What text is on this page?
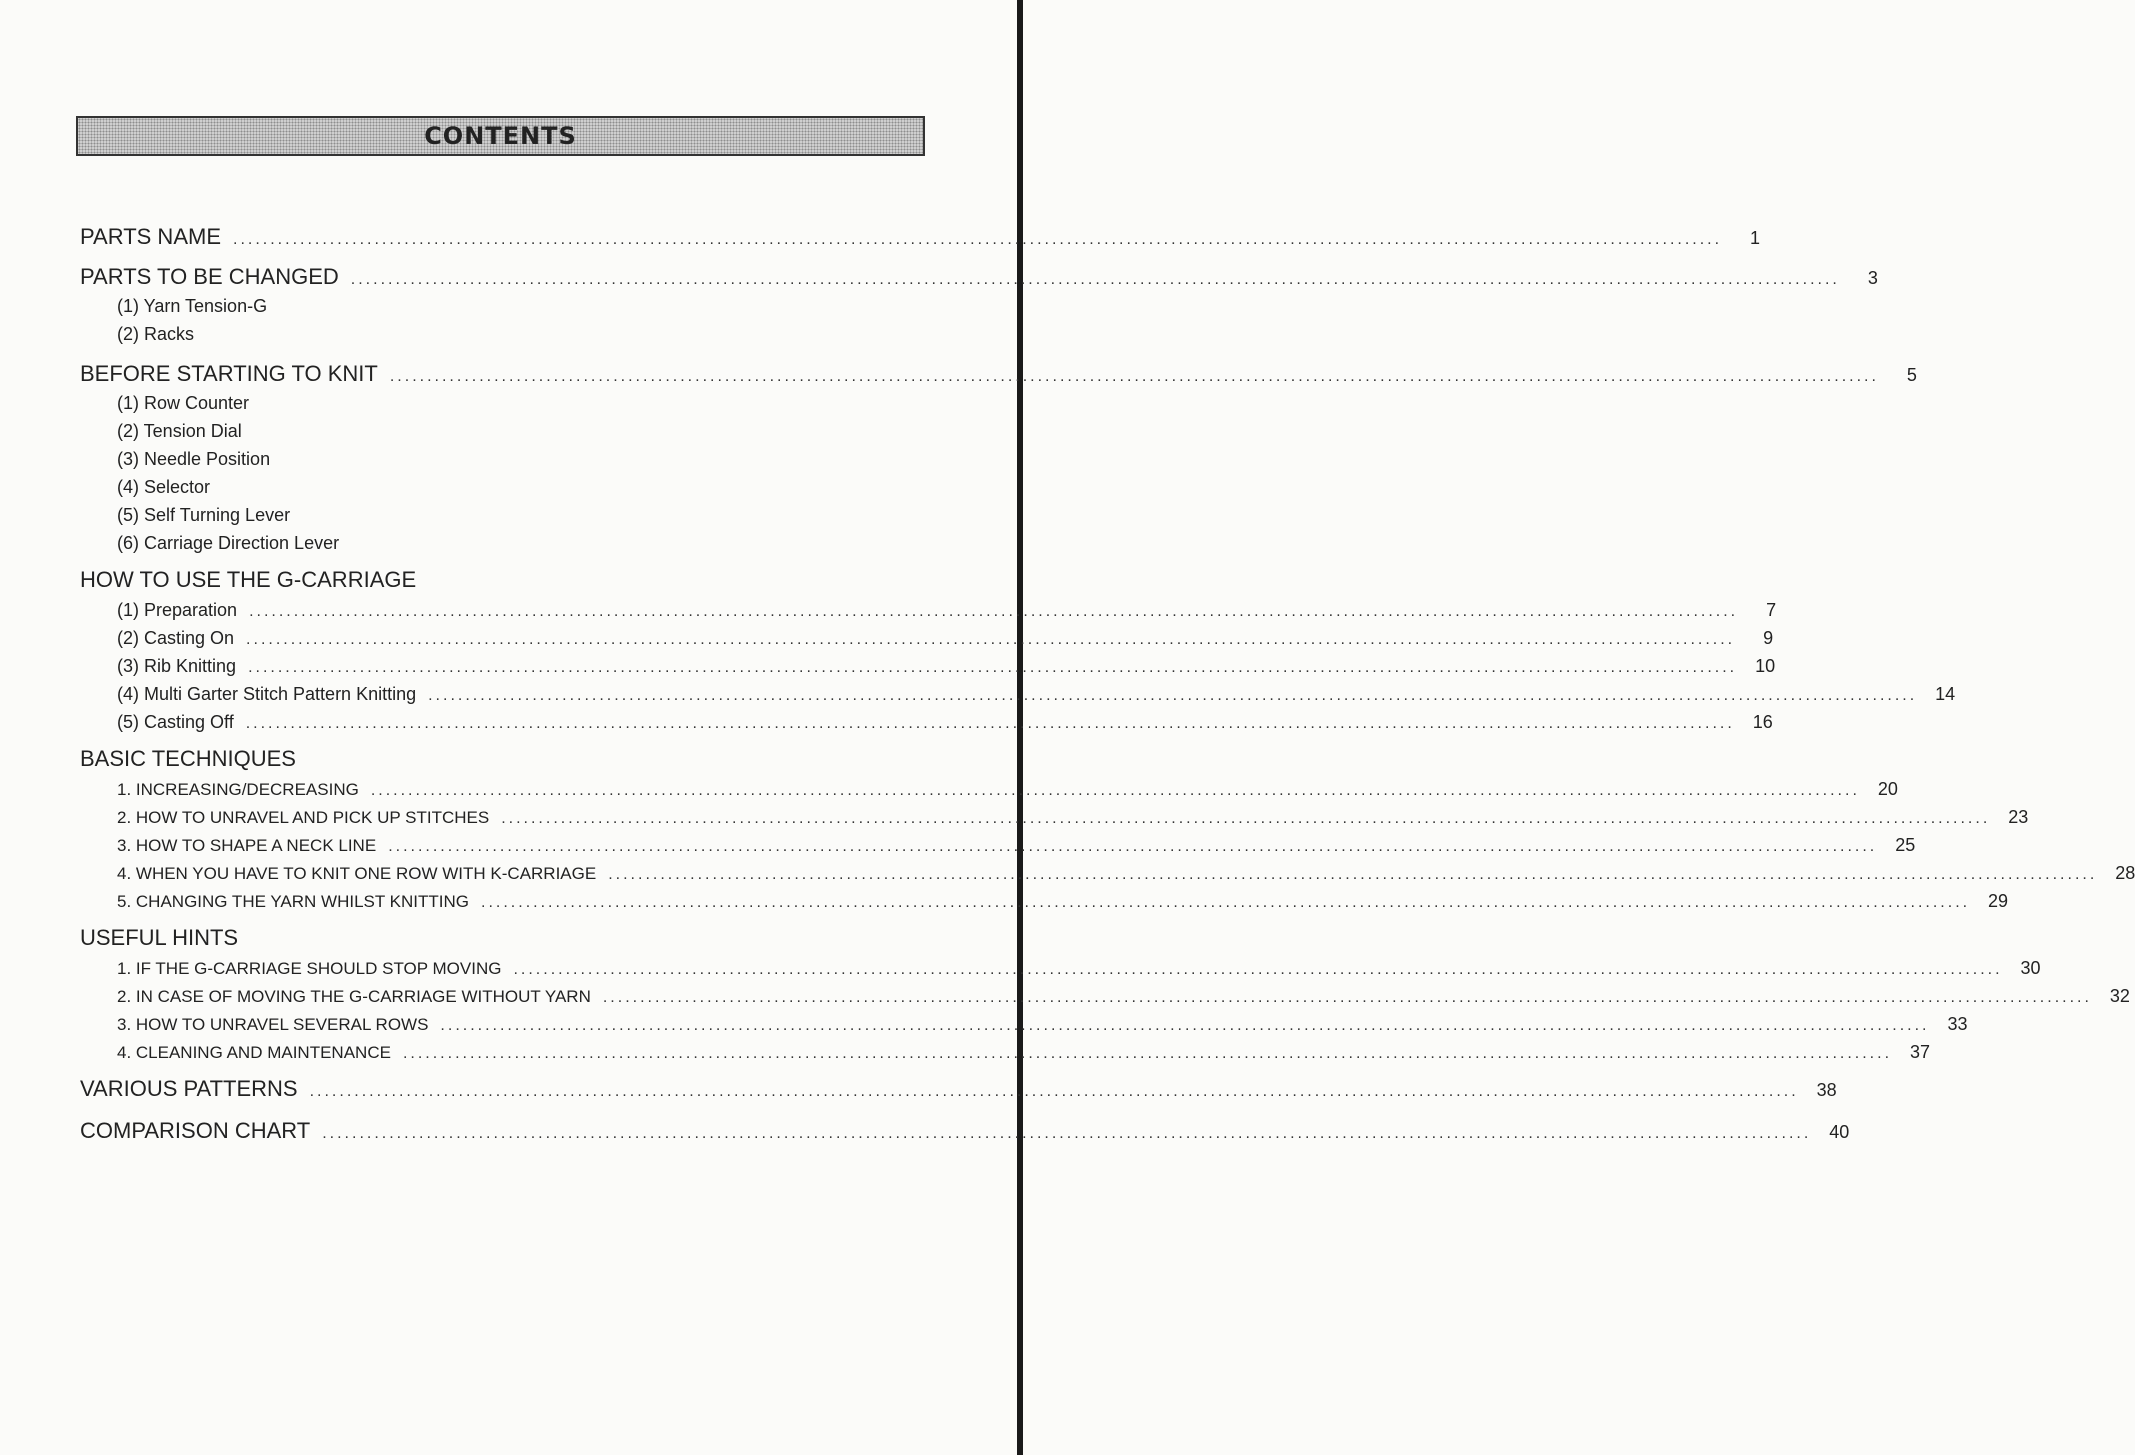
CONTENTS
PARTS NAME ........................................................................................................................................................................................................	1
PARTS TO BE CHANGED ........................................................................................................................................................................................................	3
(1) Yarn Tension-G
(2) Racks
BEFORE STARTING TO KNIT ........................................................................................................................................................................................................	5
(1) Row Counter
(2) Tension Dial
(3) Needle Position
(4) Selector
(5) Self Turning Lever
(6) Carriage Direction Lever
HOW TO USE THE G-CARRIAGE
(1) Preparation ........................................................................................................................................................................................................	7
(2) Casting On ........................................................................................................................................................................................................	9
(3) Rib Knitting ........................................................................................................................................................................................................ 10
(4) Multi Garter Stitch Pattern Knitting ........................................................................................................................................................................................................ 14
(5) Casting Off ........................................................................................................................................................................................................ 16
BASIC TECHNIQUES
1. INCREASING/DECREASING ........................................................................................................................................................................................................ 20
2. HOW TO UNRAVEL AND PICK UP STITCHES ........................................................................................................................................................................................................ 23
3. HOW TO SHAPE A NECK LINE ........................................................................................................................................................................................................ 25
4. WHEN YOU HAVE TO KNIT ONE ROW WITH K-CARRIAGE ........................................................................................................................................................................................................ 28
5. CHANGING THE YARN WHILST KNITTING ........................................................................................................................................................................................................ 29
USEFUL HINTS
1. IF THE G-CARRIAGE SHOULD STOP MOVING ........................................................................................................................................................................................................ 30
2. IN CASE OF MOVING THE G-CARRIAGE WITHOUT YARN ........................................................................................................................................................................................................ 32
3. HOW TO UNRAVEL SEVERAL ROWS ........................................................................................................................................................................................................ 33
4. CLEANING AND MAINTENANCE ........................................................................................................................................................................................................ 37
VARIOUS PATTERNS ........................................................................................................................................................................................................ 38
COMPARISON CHART ........................................................................................................................................................................................................ 40
